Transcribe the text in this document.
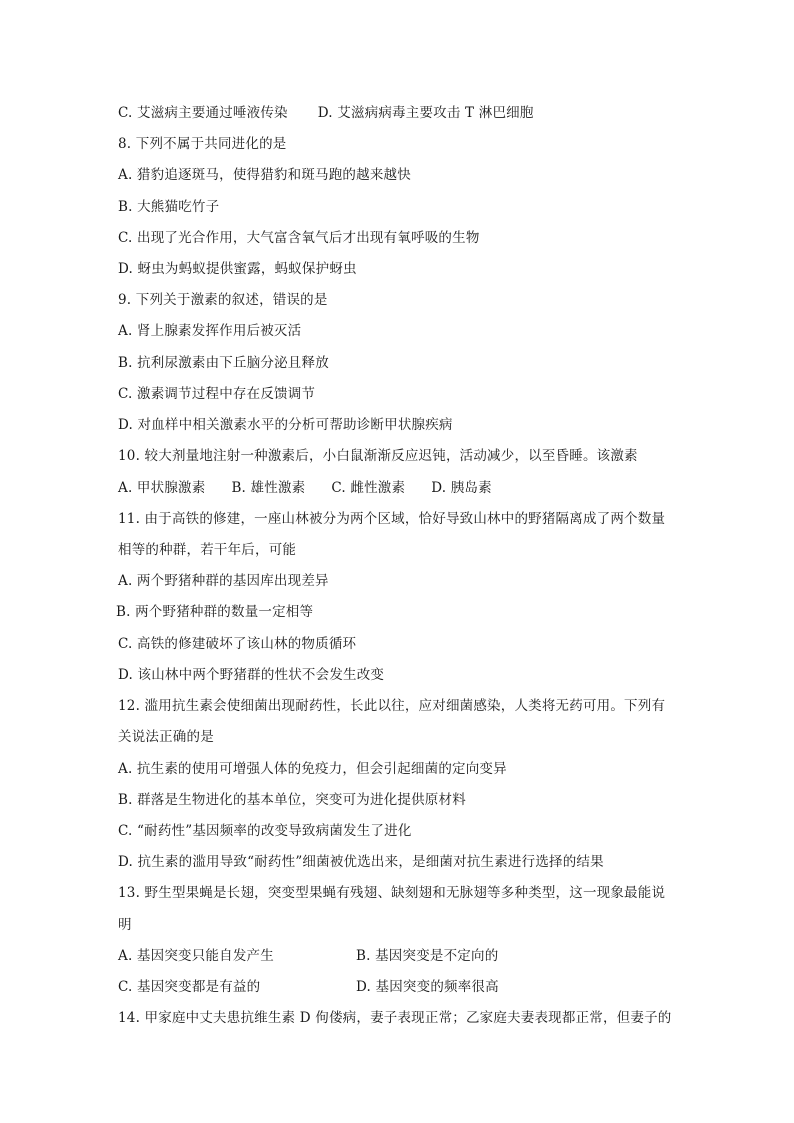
C. 艾滋病主要通过唾液传染 D. 艾滋病病毒主要攻击 T 淋巴细胞
8. 下列不属于共同进化的是
A. 猎豹追逐斑马，使得猎豹和斑马跑的越来越快
B. 大熊猫吃竹子
C. 出现了光合作用，大气富含氧气后才出现有氧呼吸的生物
D. 蚜虫为蚂蚁提供蜜露，蚂蚁保护蚜虫
9. 下列关于激素的叙述，错误的是
A. 肾上腺素发挥作用后被灭活
B. 抗利尿激素由下丘脑分泌且释放
C. 激素调节过程中存在反馈调节
D. 对血样中相关激素水平的分析可帮助诊断甲状腺疾病
10. 较大剂量地注射一种激素后，小白鼠渐渐反应迟钝，活动减少，以至昏睡。该激素
A. 甲状腺激素 B. 雄性激素 C. 雌性激素 D. 胰岛素
11. 由于高铁的修建，一座山林被分为两个区域，恰好导致山林中的野猪隔离成了两个数量
相等的种群，若干年后，可能
A. 两个野猪种群的基因库出现差异
B. 两个野猪种群的数量一定相等
C. 高铁的修建破坏了该山林的物质循环
D. 该山林中两个野猪群的性状不会发生改变
12. 滥用抗生素会使细菌出现耐药性，长此以往，应对细菌感染，人类将无药可用。下列有
关说法正确的是
A. 抗生素的使用可增强人体的免疫力，但会引起细菌的定向变异
B. 群落是生物进化的基本单位，突变可为进化提供原材料
C. “耐药性”基因频率的改变导致病菌发生了进化
D. 抗生素的滥用导致“耐药性”细菌被优选出来，是细菌对抗生素进行选择的结果
13. 野生型果蝇是长翅，突变型果蝇有残翅、缺刻翅和无脉翅等多种类型，这一现象最能说
明
A. 基因突变只能自发产生	B. 基因突变是不定向的
C. 基因突变都是有益的	D. 基因突变的频率很高
14. 甲家庭中丈夫患抗维生素 D 佝偻病，妻子表现正常；乙家庭夫妻表现都正常，但妻子的
